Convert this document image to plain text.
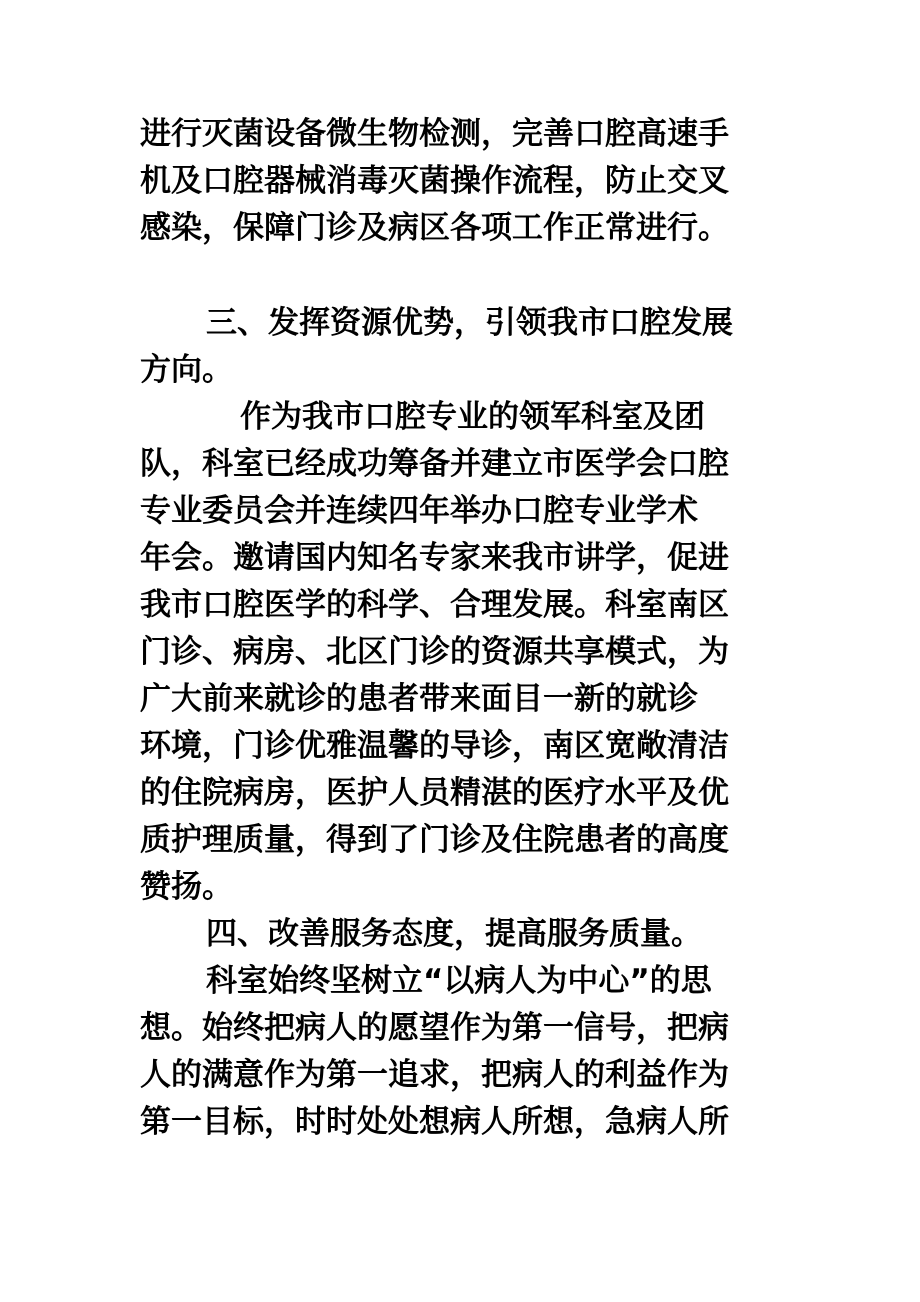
进行灭菌设备微生物检测，完善口腔高速手
机及口腔器械消毒灭菌操作流程，防止交叉
感染，保障门诊及病区各项工作正常进行。
三、发挥资源优势，引领我市口腔发展
方向。
作为我市口腔专业的领军科室及团
队，科室已经成功筹备并建立市医学会口腔
专业委员会并连续四年举办口腔专业学术
年会。邀请国内知名专家来我市讲学，促进
我市口腔医学的科学、合理发展。科室南区
门诊、病房、北区门诊的资源共享模式，为
广大前来就诊的患者带来面目一新的就诊
环境，门诊优雅温馨的导诊，南区宽敞清洁
的住院病房，医护人员精湛的医疗水平及优
质护理质量，得到了门诊及住院患者的高度
赞扬。
四、改善服务态度，提高服务质量。
科室始终坚树立“以病人为中心”的思
想。始终把病人的愿望作为第一信号，把病
人的满意作为第一追求，把病人的利益作为
第一目标，时时处处想病人所想，急病人所
